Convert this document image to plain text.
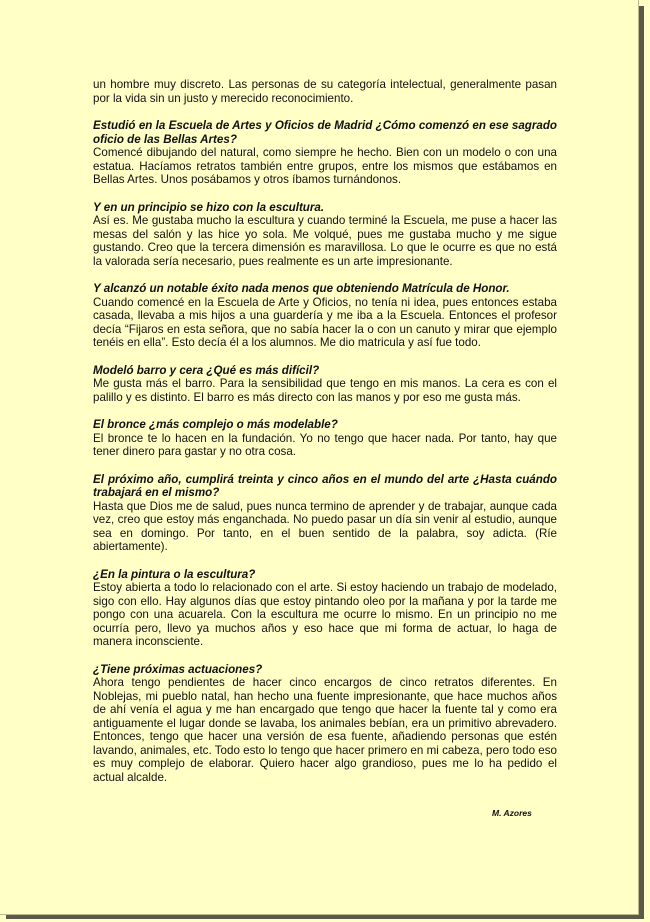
un hombre muy discreto. Las personas de su categoría intelectual, generalmente pasan por la vida sin un justo y merecido reconocimiento.

Estudió en la Escuela de Artes y Oficios de Madrid ¿Cómo comenzó en ese sagrado oficio de las Bellas Artes?

Comencé dibujando del natural, como siempre he hecho. Bien con un modelo o con una estatua. Hacíamos retratos también entre grupos, entre los mismos que estábamos en Bellas Artes. Unos posábamos y otros íbamos turnándonos.

Y en un principio se hizo con la escultura.

Así es. Me gustaba mucho la escultura y cuando terminé la Escuela, me puse a hacer las mesas del salón y las hice yo sola. Me volqué, pues me gustaba mucho y me sigue gustando. Creo que la tercera dimensión es maravillosa. Lo que le ocurre es que no está la valorada sería necesario, pues realmente es un arte impresionante.

Y alcanzó un notable éxito nada menos que obteniendo Matrícula de Honor.

Cuando comencé en la Escuela de Arte y Oficios, no tenía ni idea, pues entonces estaba casada, llevaba a mis hijos a una guardería y me iba a la Escuela. Entonces el profesor decía “Fijaros en esta señora, que no sabía hacer la o con un canuto y mirar que ejemplo tenéis en ella”. Esto decía él a los alumnos. Me dio matricula y así fue todo.

Modeló barro y cera ¿Qué es más difícil?

Me gusta más el barro. Para la sensibilidad que tengo en mis manos. La cera es con el palillo y es distinto. El barro es más directo con las manos y por eso me gusta más.

El bronce ¿más complejo o más modelable?

El bronce te lo hacen en la fundación. Yo no tengo que hacer nada. Por tanto, hay que tener dinero para gastar y no otra cosa.

El próximo año, cumplirá treinta y cinco años en el mundo del arte ¿Hasta cuándo trabajará en el mismo?

Hasta que Dios me de salud, pues nunca termino de aprender y de trabajar, aunque cada vez, creo que estoy más enganchada. No puedo pasar un día sin venir al estudio, aunque sea en domingo. Por tanto, en el buen sentido de la palabra, soy adicta. (Ríe abiertamente).

¿En la pintura o la escultura?

Estoy abierta a todo lo relacionado con el arte. Si estoy haciendo un trabajo de modelado, sigo con ello. Hay algunos días que estoy pintando oleo por la mañana y por la tarde me pongo con una acuarela. Con la escultura me ocurre lo mismo. En un principio no me ocurría pero, llevo ya muchos años y eso hace que mi forma de actuar, lo haga de manera inconsciente.

¿Tiene próximas actuaciones?

Ahora tengo pendientes de hacer cinco encargos de cinco retratos diferentes. En Noblejas, mi pueblo natal, han hecho una fuente impresionante, que hace muchos años de ahí venía el agua y me han encargado que tengo que hacer la fuente tal y como era antiguamente el lugar donde se lavaba, los animales bebían, era un primitivo abrevadero. Entonces, tengo que hacer una versión de esa fuente, añadiendo personas que estén lavando, animales, etc. Todo esto lo tengo que hacer primero en mi cabeza, pero todo eso es muy complejo de elaborar. Quiero hacer algo grandioso, pues me lo ha pedido el actual alcalde.

M. Azores
